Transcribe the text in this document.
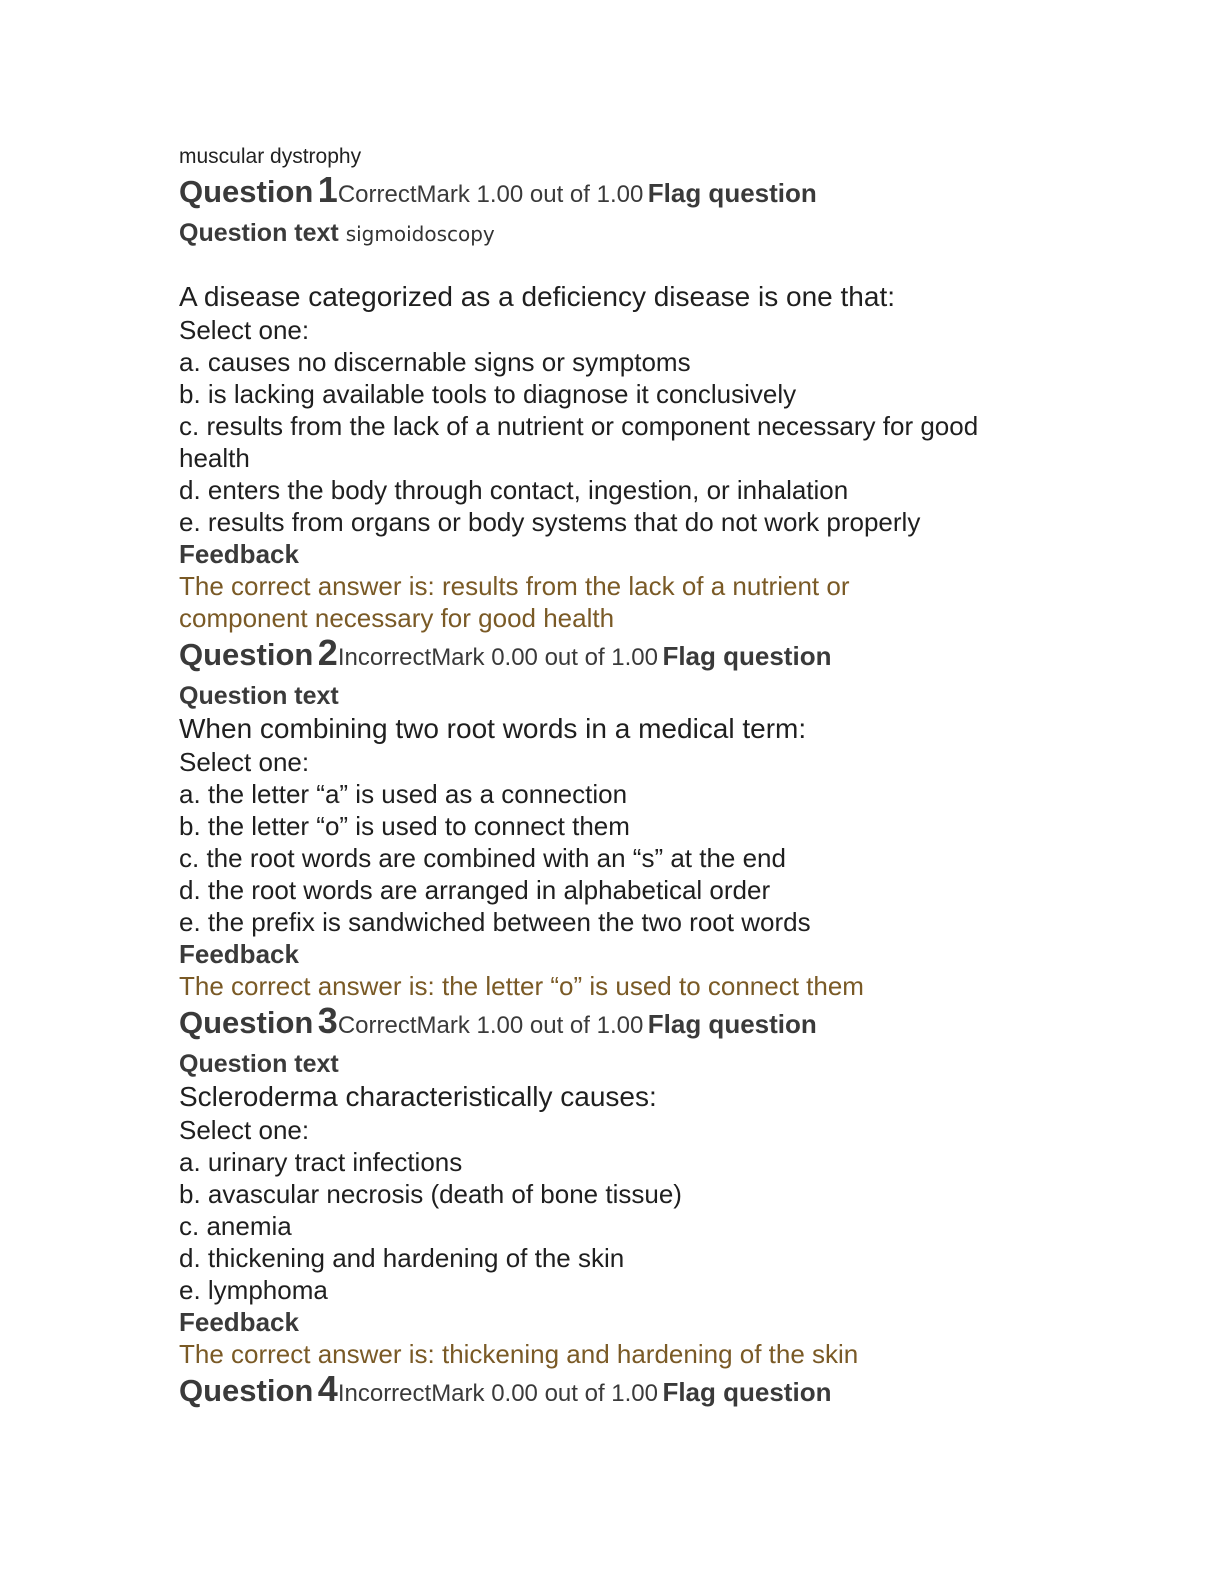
muscular dystrophy
Question 1CorrectMark 1.00 out of 1.00 Flag question
Question text sigmoidoscopy
A disease categorized as a deficiency disease is one that:
Select one:
a. causes no discernable signs or symptoms
b. is lacking available tools to diagnose it conclusively
c. results from the lack of a nutrient or component necessary for good health
d. enters the body through contact, ingestion, or inhalation
e. results from organs or body systems that do not work properly
Feedback
The correct answer is: results from the lack of a nutrient or component necessary for good health
Question 2IncorrectMark 0.00 out of 1.00 Flag question
Question text
When combining two root words in a medical term:
Select one:
a. the letter “a” is used as a connection
b. the letter “o” is used to connect them
c. the root words are combined with an “s” at the end
d. the root words are arranged in alphabetical order
e. the prefix is sandwiched between the two root words
Feedback
The correct answer is: the letter “o” is used to connect them
Question 3CorrectMark 1.00 out of 1.00 Flag question
Question text
Scleroderma characteristically causes:
Select one:
a. urinary tract infections
b. avascular necrosis (death of bone tissue)
c. anemia
d. thickening and hardening of the skin
e. lymphoma
Feedback
The correct answer is: thickening and hardening of the skin
Question 4IncorrectMark 0.00 out of 1.00 Flag question
